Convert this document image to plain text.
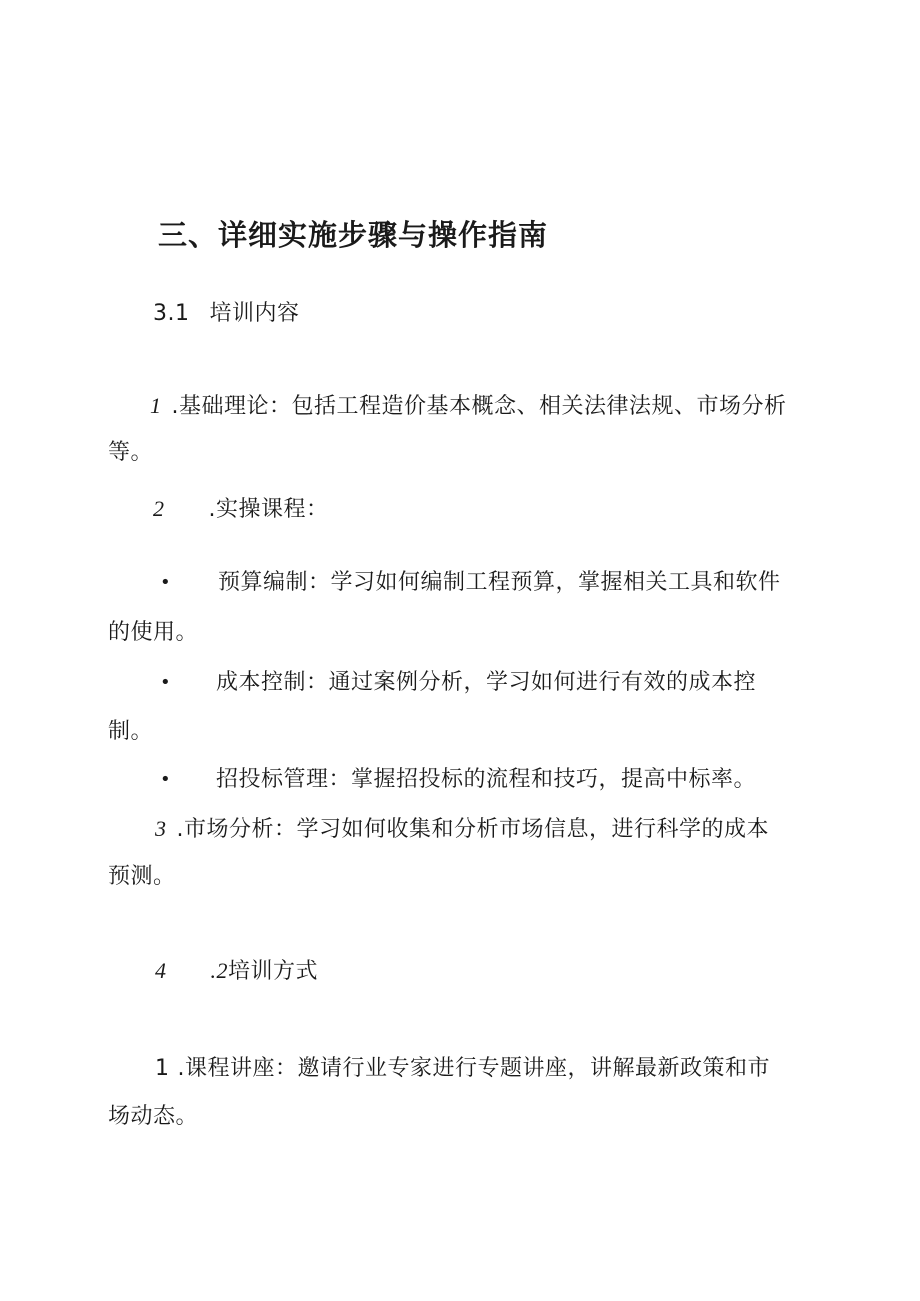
三、详细实施步骤与操作指南
3.1 培训内容
1 .基础理论：包括工程造价基本概念、相关法律法规、市场分析
等。
2 .实操课程：
• 预算编制：学习如何编制工程预算，掌握相关工具和软件
的使用。
• 成本控制：通过案例分析，学习如何进行有效的成本控
制。
• 招投标管理：掌握招投标的流程和技巧，提高中标率。
3 .市场分析：学习如何收集和分析市场信息，进行科学的成本
预测。
4 .2培训方式
1 .课程讲座：邀请行业专家进行专题讲座，讲解最新政策和市
场动态。
